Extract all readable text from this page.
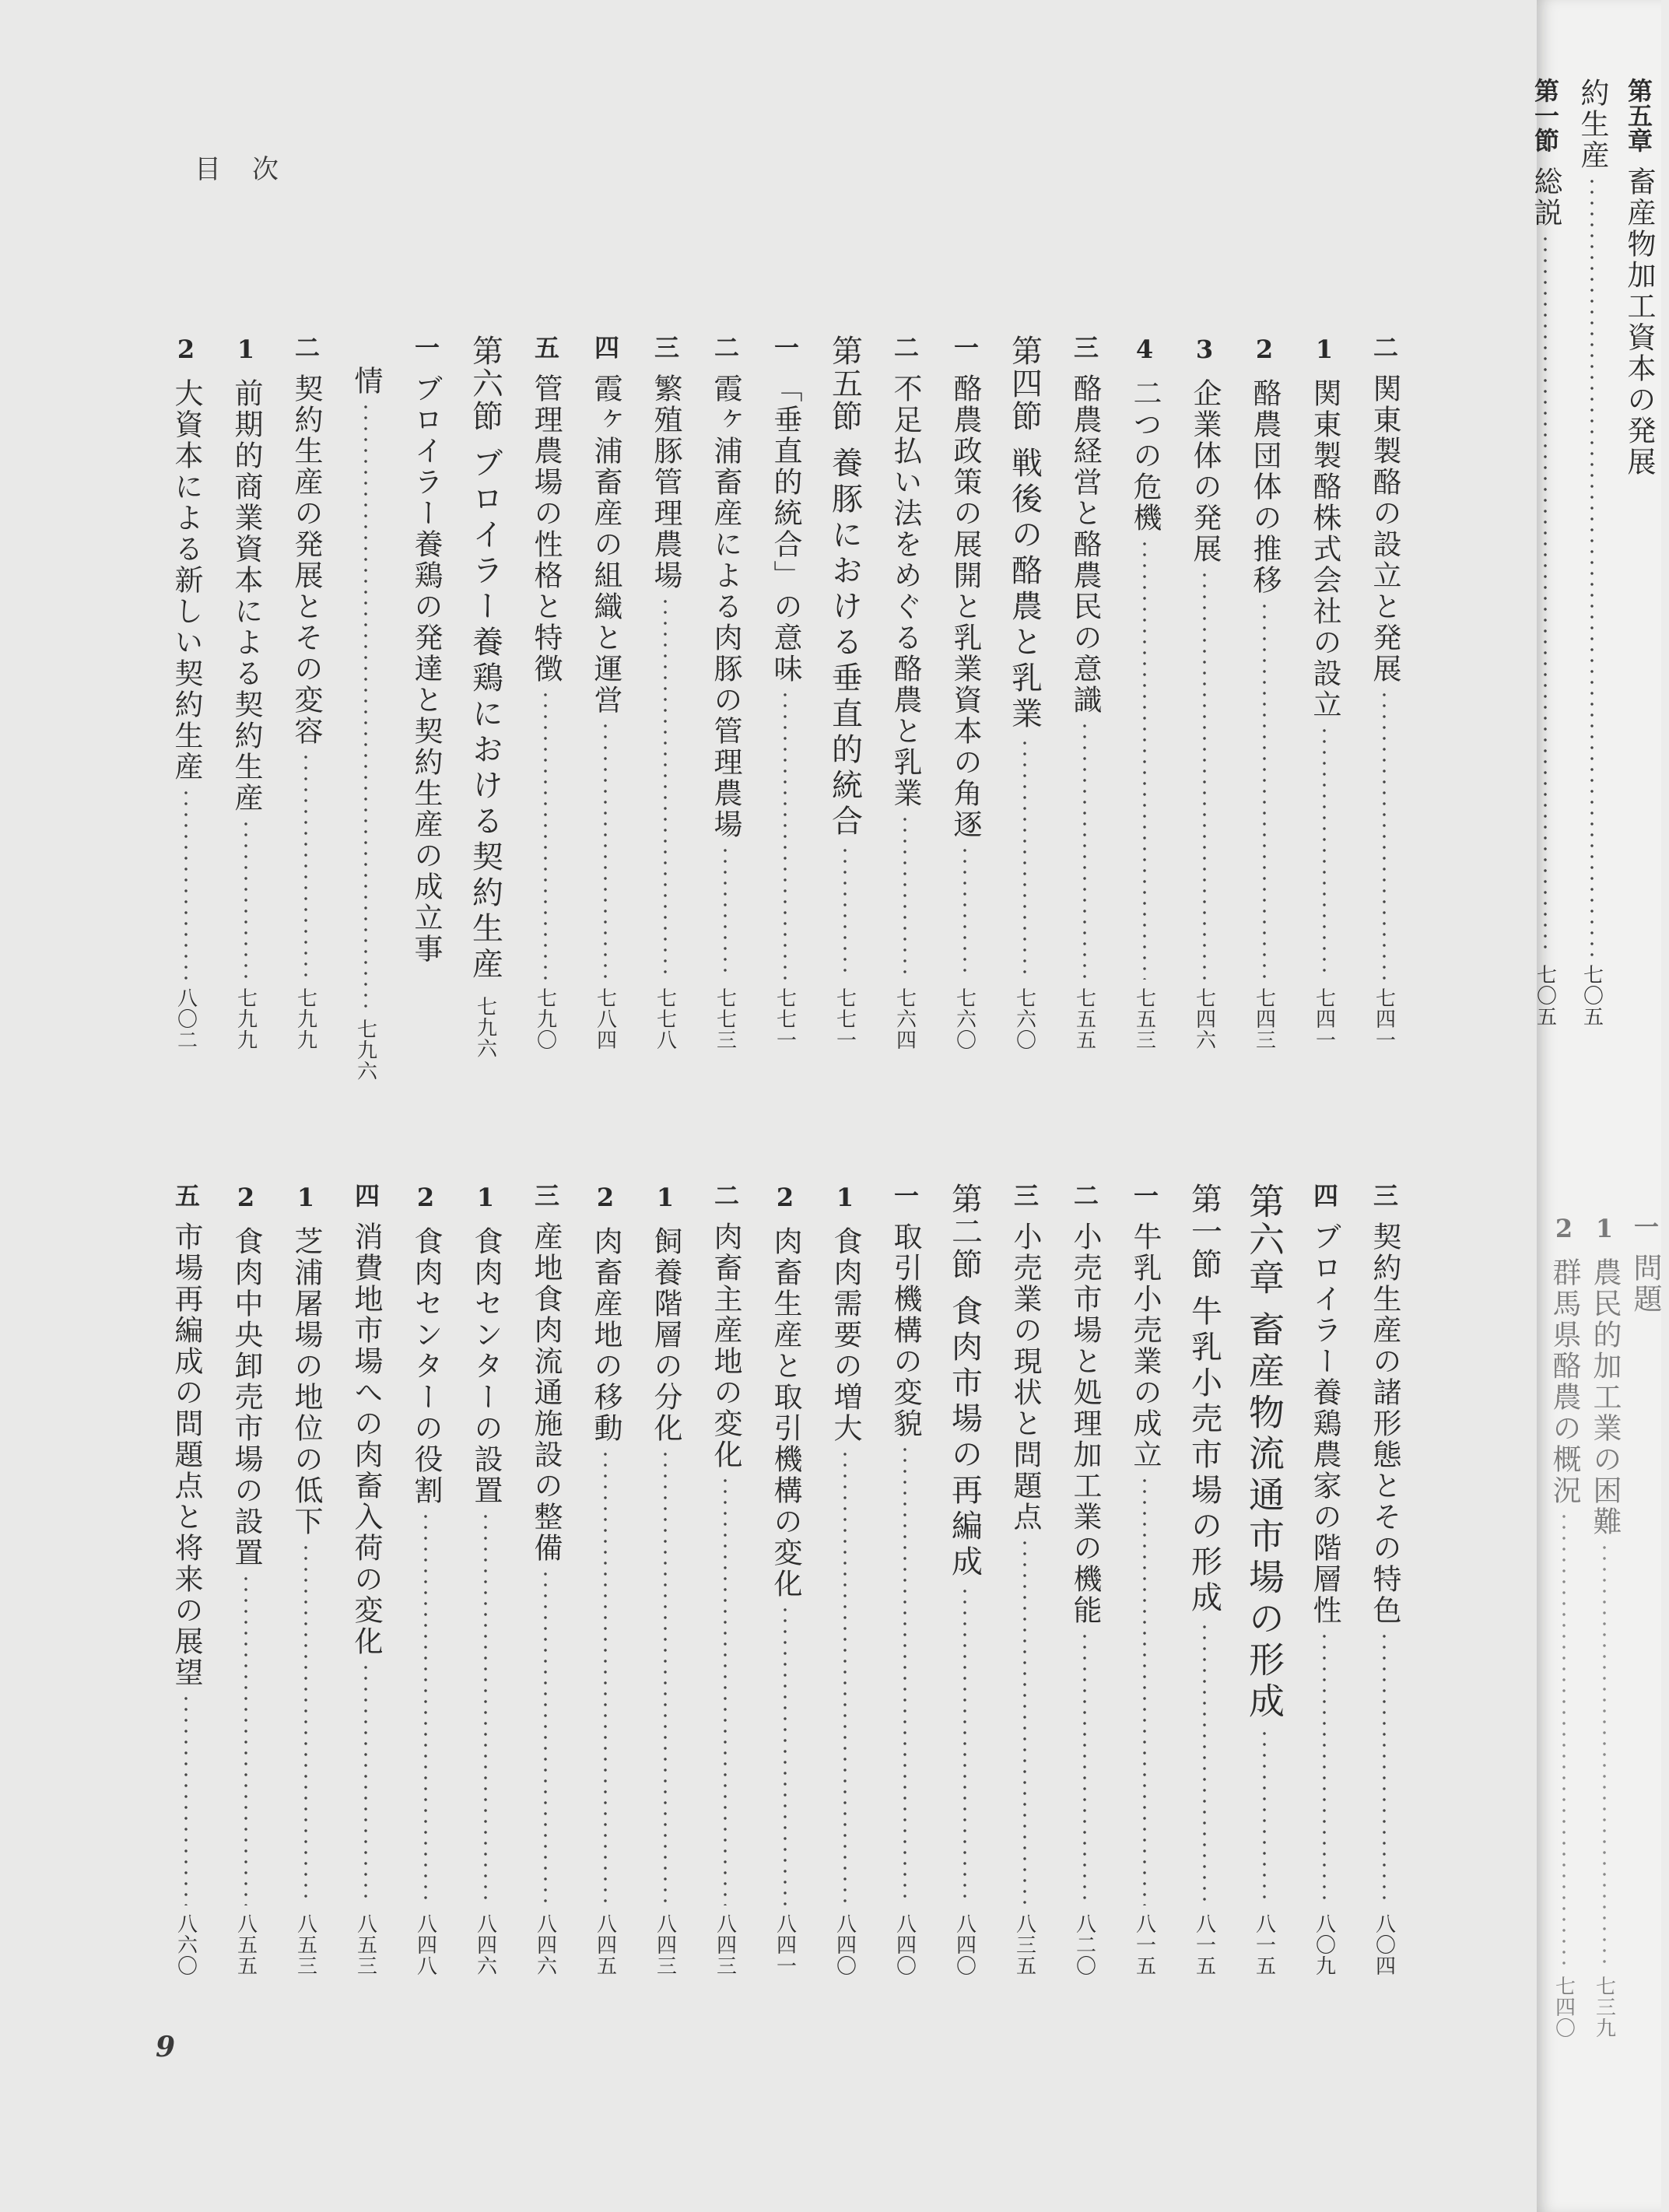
目次
二
関東製酪の設立と発展
七四一
1
関東製酪株式会社の設立
七四一
2
酪農団体の推移
七四三
3
企業体の発展
七四六
4
二つの危機
七五三
三
酪農経営と酪農民の意識
七五五
第四節
戦後の酪農と乳業
七六〇
一
酪農政策の展開と乳業資本の角逐
七六〇
二
不足払い法をめぐる酪農と乳業
七六四
第五節
養豚における垂直的統合
七七一
一
「垂直的統合」の意味
七七一
二
霞ヶ浦畜産による肉豚の管理農場
七七三
三
繁殖豚管理農場
七七八
四
霞ヶ浦畜産の組織と運営
七八四
五
管理農場の性格と特徴
七九〇
第六節
ブロイラー養鶏における契約生産
七九六
一
ブロイラー養鶏の発達と契約生産の成立事
情
七九六
二
契約生産の発展とその変容
七九九
1
前期的商業資本による契約生産
七九九
2
大資本による新しい契約生産
八〇二
三
契約生産の諸形態とその特色
八〇四
四
ブロイラー養鶏農家の階層性
八〇九
第六章
畜産物流通市場の形成
八一五
第一節
牛乳小売市場の形成
八一五
一
牛乳小売業の成立
八一五
二
小売市場と処理加工業の機能
八二〇
三
小売業の現状と問題点
八三五
第二節
食肉市場の再編成
八四〇
一
取引機構の変貌
八四〇
1
食肉需要の増大
八四〇
2
肉畜生産と取引機構の変化
八四一
二
肉畜主産地の変化
八四三
1
飼養階層の分化
八四三
2
肉畜産地の移動
八四五
三
産地食肉流通施設の整備
八四六
1
食肉センターの設置
八四六
2
食肉センターの役割
八四八
四
消費地市場への肉畜入荷の変化
八五三
1
芝浦屠場の地位の低下
八五三
2
食肉中央卸売市場の設置
八五五
五
市場再編成の問題点と将来の展望
八六〇
9
第五章
畜産物加工資本の発展
約生産
七〇五
第一節
総説
七〇五
一
問題
1
農民的加工業の困難
七三九
2
群馬県酪農の概況
七四〇
